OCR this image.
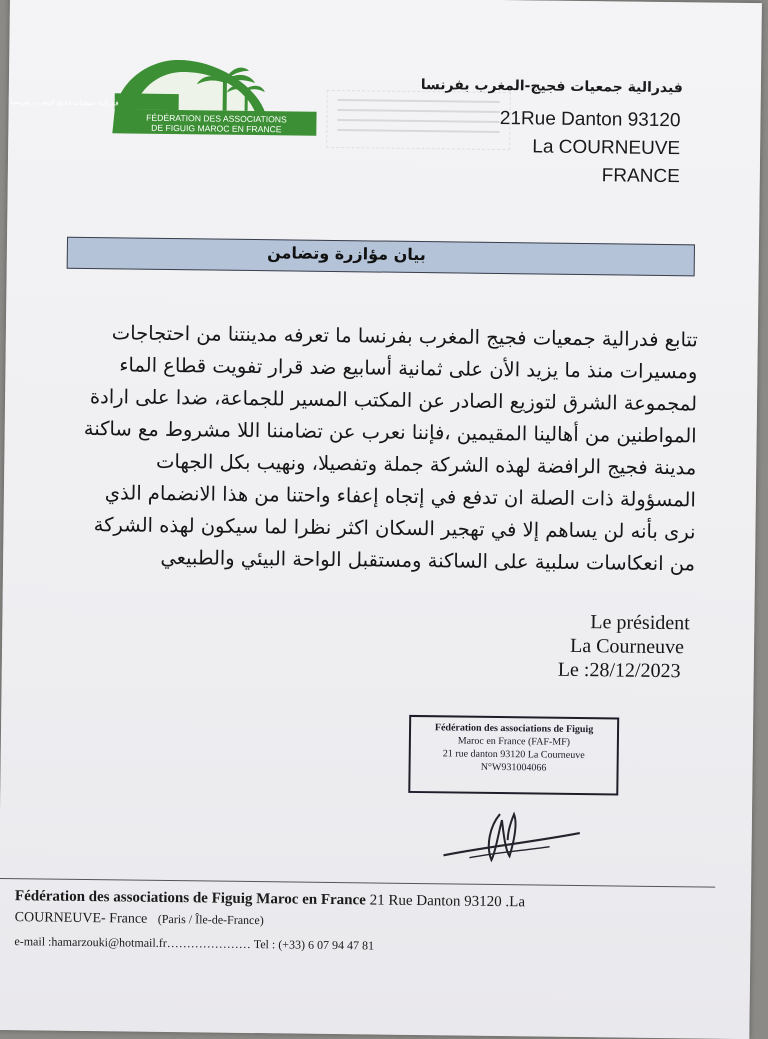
فدرالية جمعيات فجيج المغرب بفرنسا
FÉDÉRATION DES ASSOCIATIONS
DE FIGUIG MAROC EN FRANCE
فيدرالية جمعيات فجيج-المغرب بفرنسا
21Rue Danton 93120
La COURNEUVE
FRANCE
بيان مؤازرة وتضامن
تتابع فدرالية جمعيات فجيج المغرب بفرنسا ما تعرفه مدينتنا من احتجاجات
ومسيرات منذ ما يزيد الأن على ثمانية أسابيع ضد قرار تفويت قطاع الماء
لمجموعة الشرق لتوزيع الصادر عن المكتب المسير للجماعة، ضدا على ارادة
المواطنين من أهالينا المقيمين ،فإننا نعرب عن تضامننا اللا مشروط مع ساكنة
مدينة فجيج الرافضة لهذه الشركة جملة وتفصيلا، ونهيب بكل الجهات
المسؤولة ذات الصلة ان تدفع في إتجاه إعفاء واحتنا من هذا الانضمام الذي
نرى بأنه لن يساهم إلا في تهجير السكان اكثر نظرا لما سيكون لهذه الشركة
من انعكاسات سلبية على الساكنة ومستقبل الواحة البيئي والطبيعي
Le président
La Courneuve
Le :28/12/2023
Fédération des associations de Figuig
Maroc en France (FAF-MF)
21 rue danton 93120 La Courneuve
N°W931004066
Fédération des associations de Figuig Maroc en France 21 Rue Danton 93120 .La
COURNEUVE- France (Paris / Île-de-France)
e-mail :hamarzouki@hotmail.fr………………… Tel : (+33) 6 07 94 47 81
